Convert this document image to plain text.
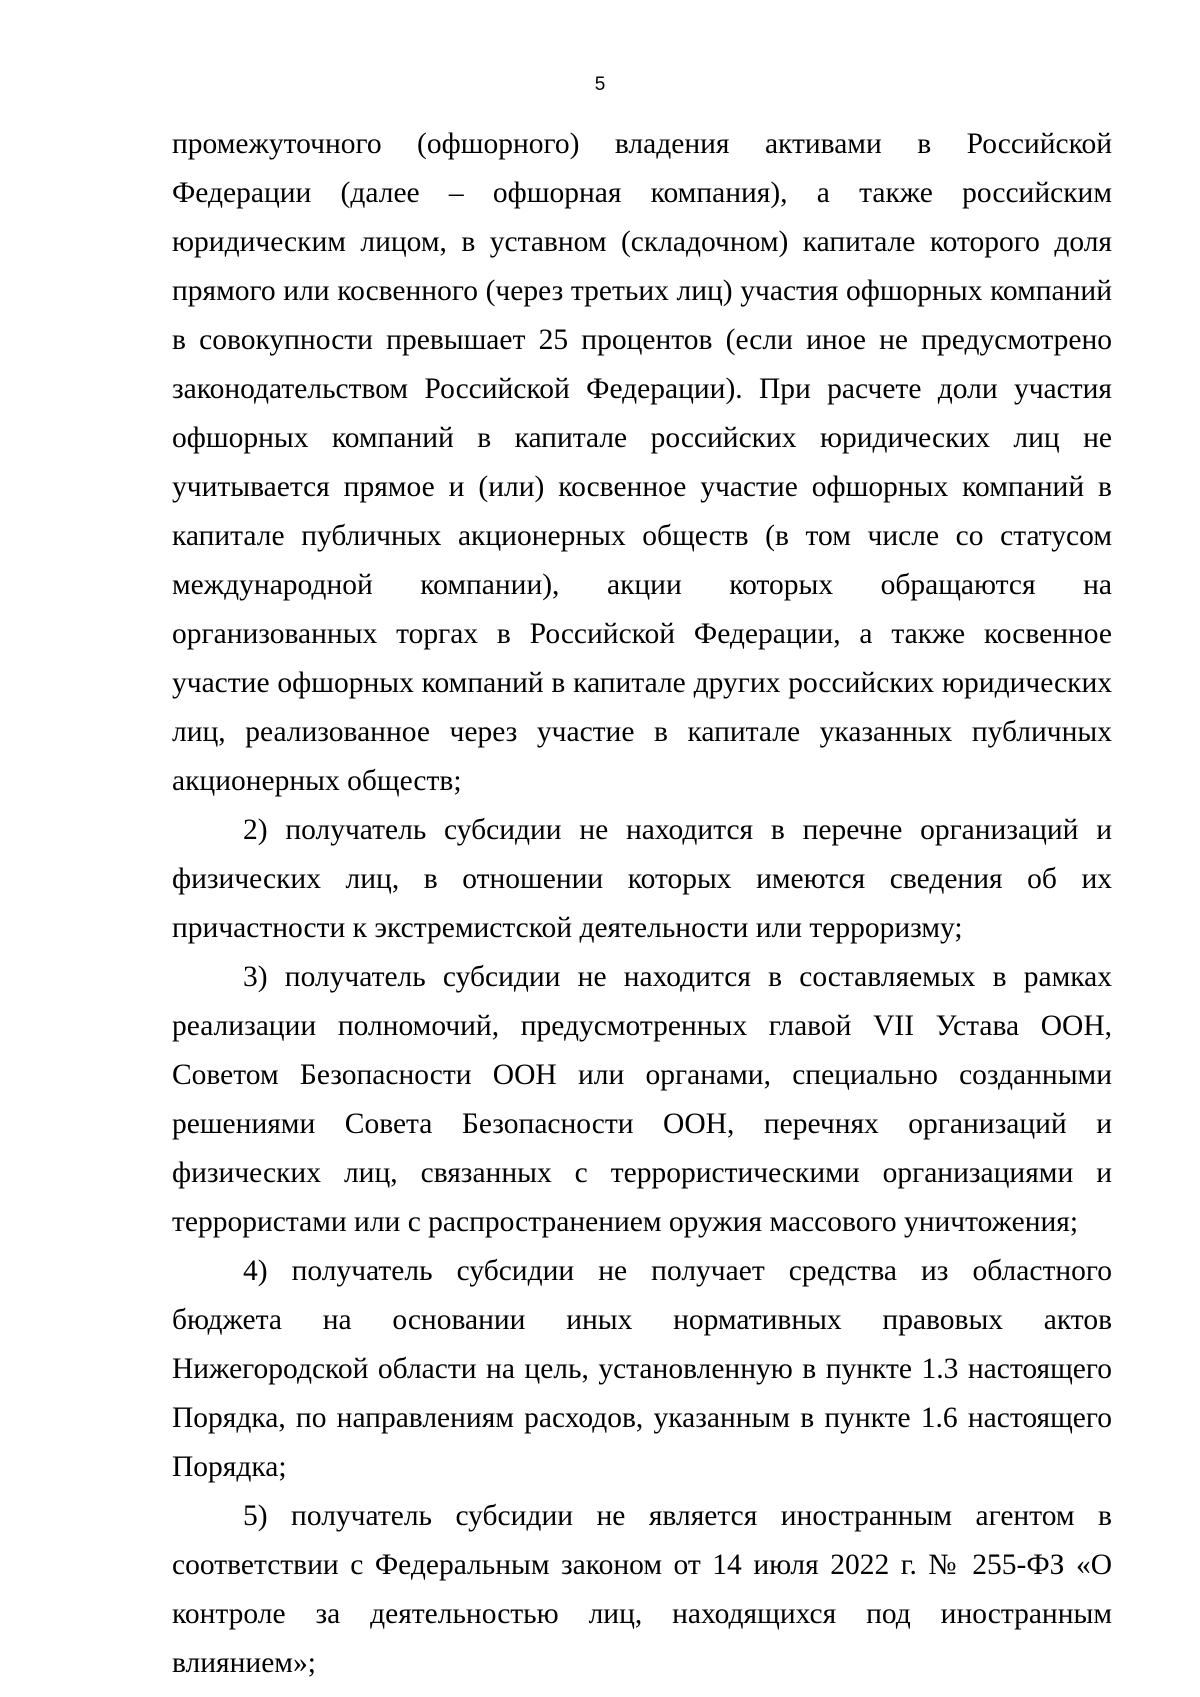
5

промежуточного (офшорного) владения активами в Российской Федерации (далее – офшорная компания), а также российским юридическим лицом, в уставном (складочном) капитале которого доля прямого или косвенного (через третьих лиц) участия офшорных компаний в совокупности превышает 25 процентов (если иное не предусмотрено законодательством Российской Федерации). При расчете доли участия офшорных компаний в капитале российских юридических лиц не учитывается прямое и (или) косвенное участие офшорных компаний в капитале публичных акционерных обществ (в том числе со статусом международной компании), акции которых обращаются на организованных торгах в Российской Федерации, а также косвенное участие офшорных компаний в капитале других российских юридических лиц, реализованное через участие в капитале указанных публичных акционерных обществ;

2) получатель субсидии не находится в перечне организаций и физических лиц, в отношении которых имеются сведения об их причастности к экстремистской деятельности или терроризму;

3) получатель субсидии не находится в составляемых в рамках реализации полномочий, предусмотренных главой VII Устава ООН, Советом Безопасности ООН или органами, специально созданными решениями Совета Безопасности ООН, перечнях организаций и физических лиц, связанных с террористическими организациями и террористами или с распространением оружия массового уничтожения;

4) получатель субсидии не получает средства из областного бюджета на основании иных нормативных правовых актов Нижегородской области на цель, установленную в пункте 1.3 настоящего Порядка, по направлениям расходов, указанным в пункте 1.6 настоящего Порядка;

5) получатель субсидии не является иностранным агентом в соответствии с Федеральным законом от 14 июля 2022 г. № 255-ФЗ «О контроле за деятельностью лиц, находящихся под иностранным влиянием»;
